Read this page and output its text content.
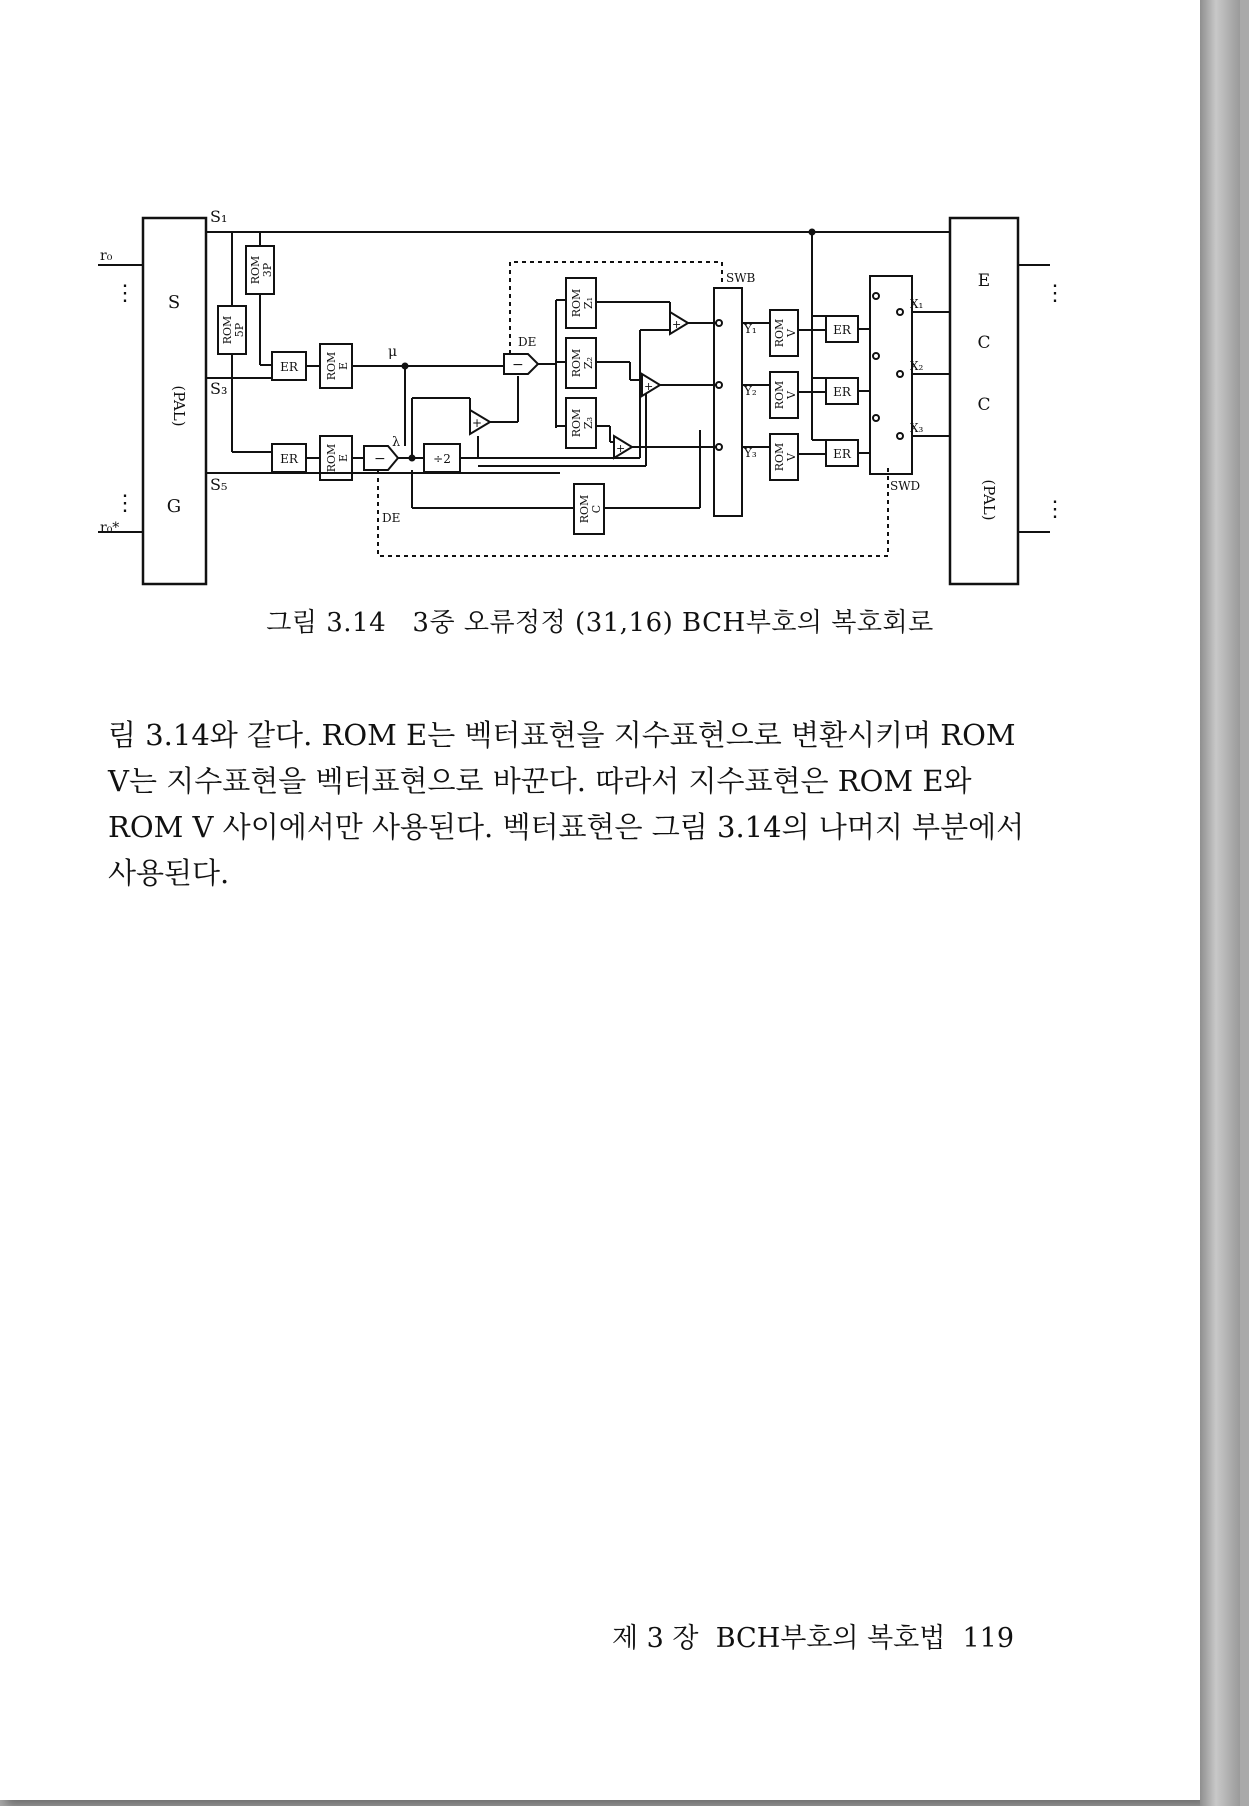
S
(PAL)
G
r₀
r₀*
⋮
⋮
S₁
S₃
S₅
ROM3P
ROM5P
ER ROME
μ
ER ROME −
λ
÷2
+
−
DE
ROMZ₁
ROMZ₂
ROMZ₃
+
+
+
ROMC
DE
SWB
Y₁
Y₂
Y₃
ROMV
ROMV
ROMV
ER
ER
ER
SWD
X₁
X₂
X₃
E
C
C
(PAL)
⋮
⋮
그림 3.14 3중 오류정정 (31,16) BCH부호의 복호회로

림 3.14와 같다. ROM E는 벡터표현을 지수표현으로 변환시키며 ROM

V는 지수표현을 벡터표현으로 바꾼다. 따라서 지수표현은 ROM E와

ROM V 사이에서만 사용된다. 벡터표현은 그림 3.14의 나머지 부분에서

사용된다.

제 3 장 BCH부호의 복호법 119
